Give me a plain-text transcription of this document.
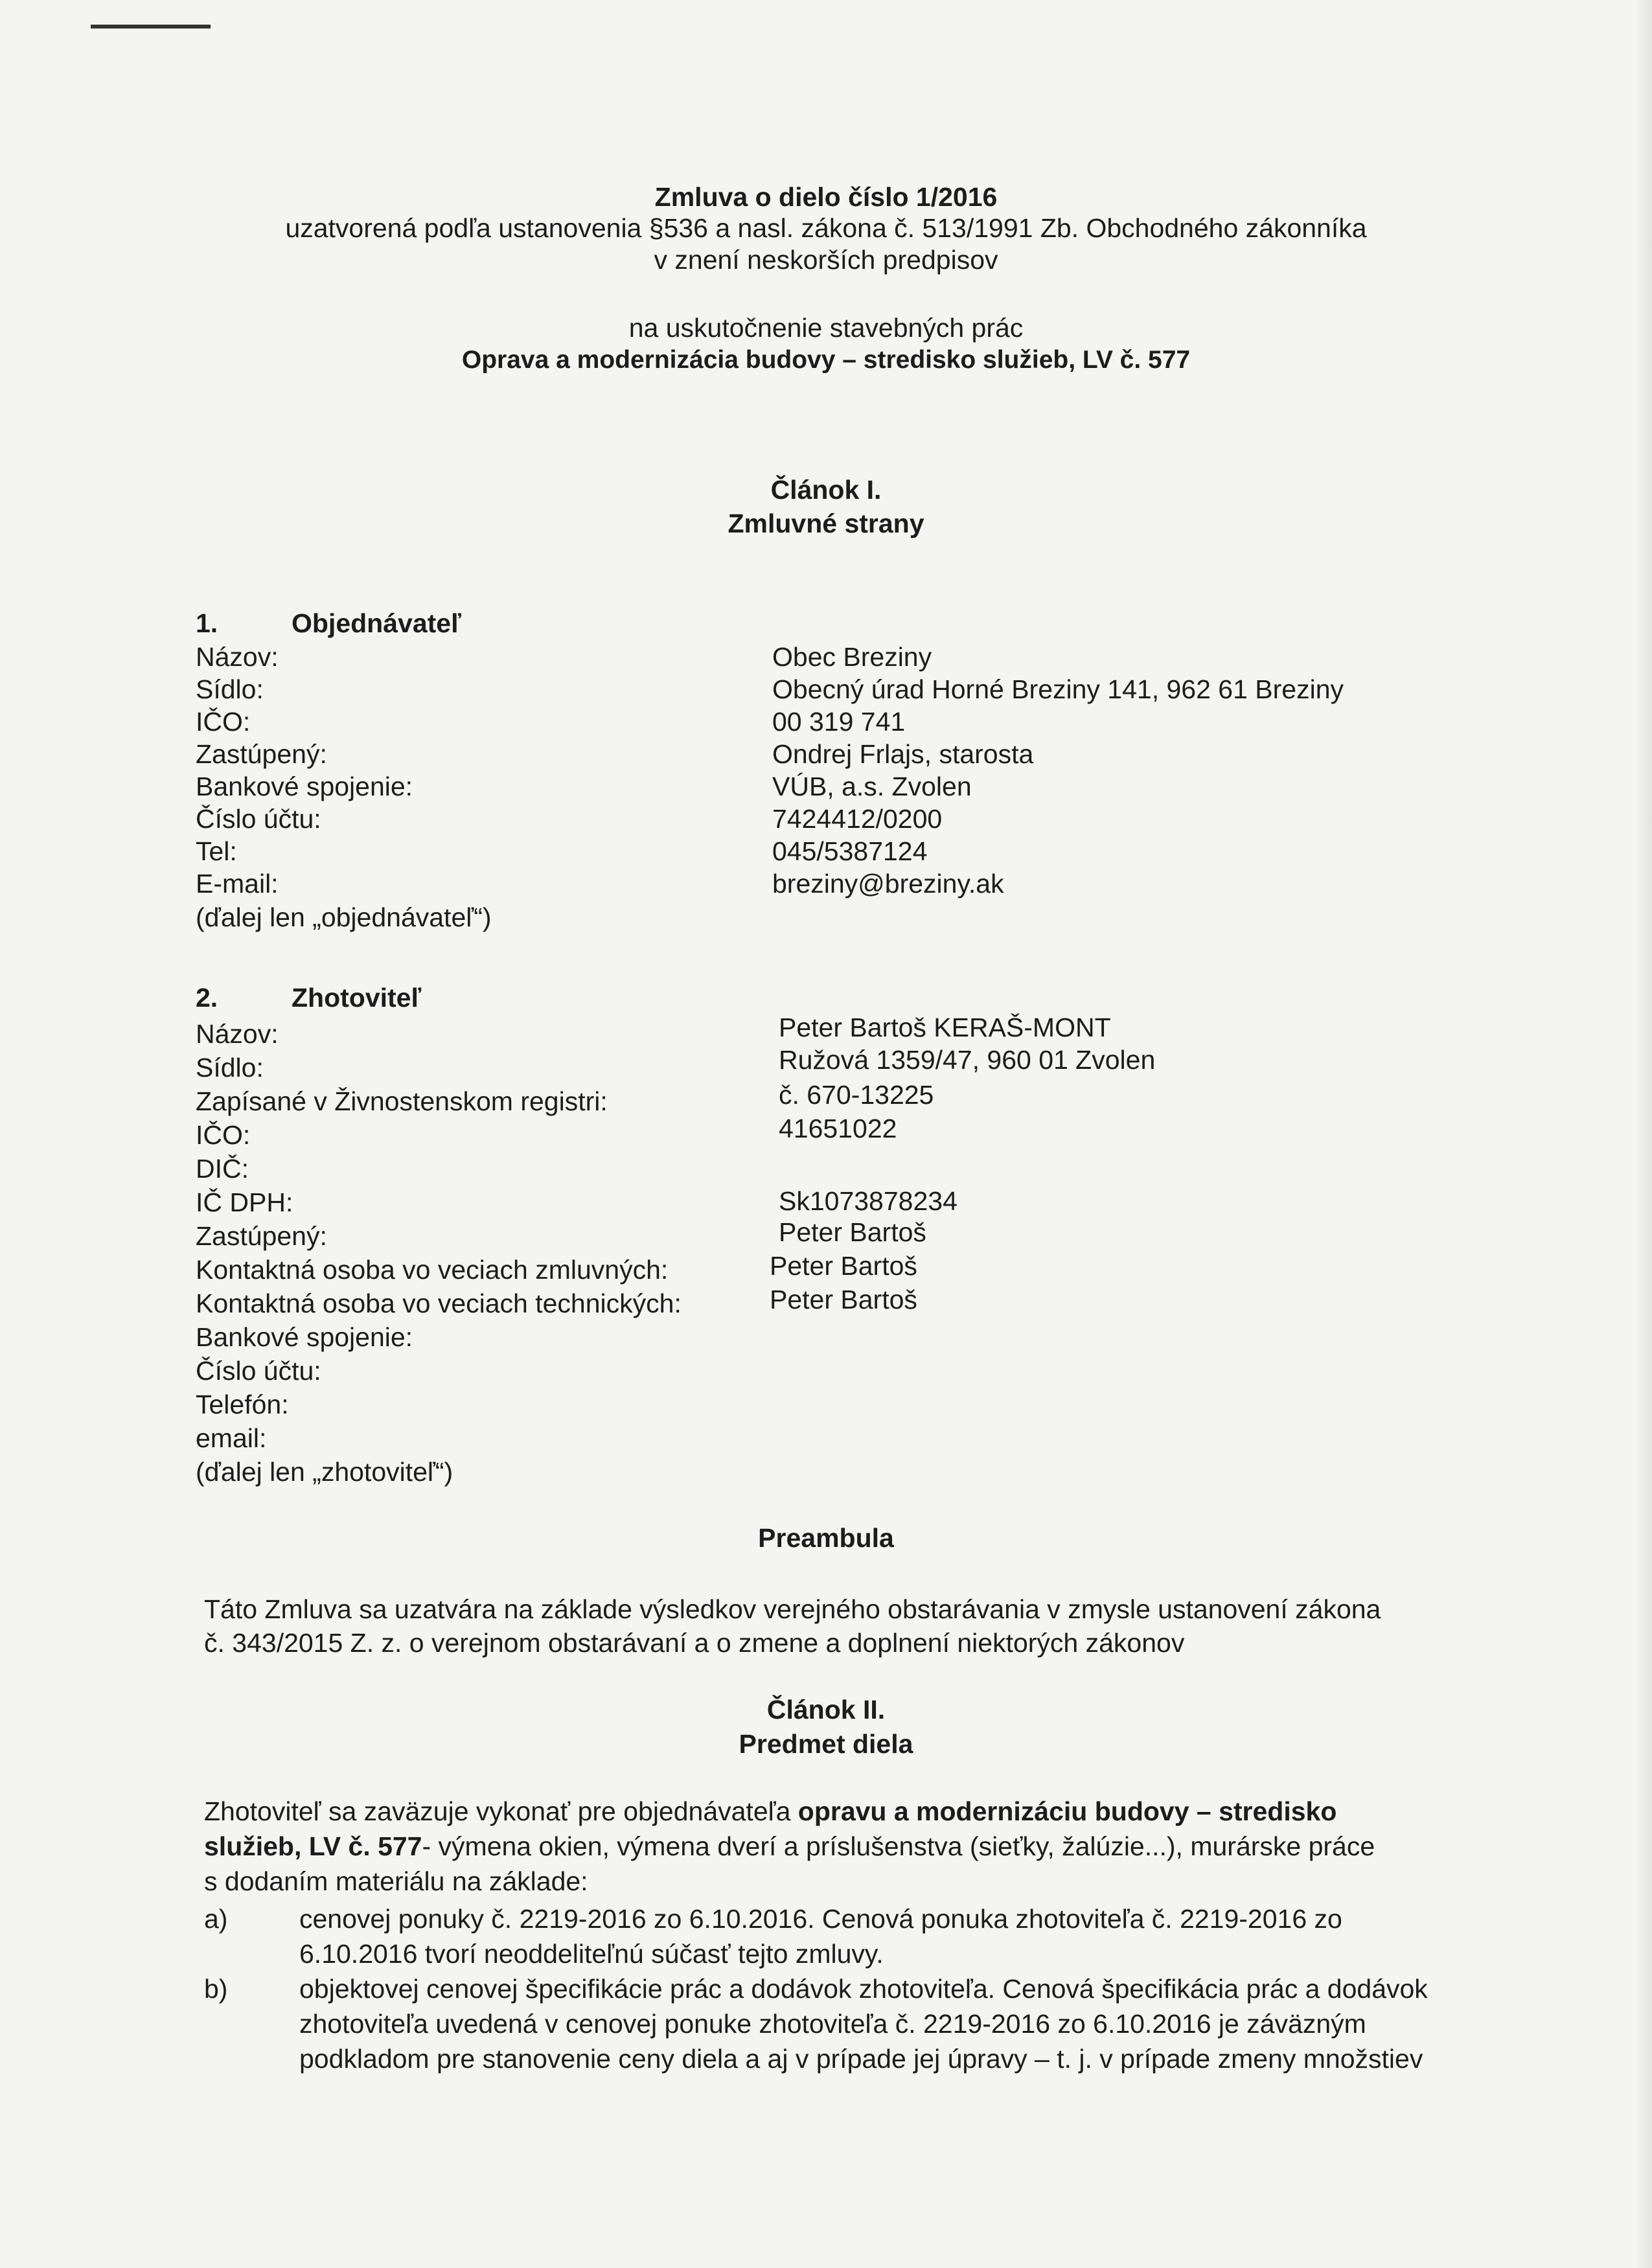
Zmluva o dielo číslo 1/2016
uzatvorená podľa ustanovenia §536 a nasl. zákona č. 513/1991 Zb. Obchodného zákonníka
v znení neskorších predpisov
na uskutočnenie stavebných prác
Oprava a modernizácia budovy – stredisko služieb, LV č. 577
Článok I.
Zmluvné strany
1.	Objednávateľ
Názov:	Obec Breziny
Sídlo:	Obecný úrad Horné Breziny 141, 962 61 Breziny
IČO:	00 319 741
Zastúpený:	Ondrej Frlajs, starosta
Bankové spojenie:	VÚB, a.s. Zvolen
Číslo účtu:	7424412/0200
Tel:	045/5387124
E-mail:	breziny@breziny.ak
(ďalej len „objednávateľ“)
2.	Zhotoviteľ
Názov:	Peter Bartoš KERAŠ-MONT
Sídlo:	Ružová 1359/47, 960 01 Zvolen
Zapísané v Živnostenskom registri:	č. 670-13225
IČO:	41651022
DIČ:
IČ DPH:	Sk1073878234
Zastúpený:	Peter Bartoš
Kontaktná osoba vo veciach zmluvných:	Peter Bartoš
Kontaktná osoba vo veciach technických:	Peter Bartoš
Bankové spojenie:
Číslo účtu:
Telefón:
email:
(ďalej len „zhotoviteľ“)
Preambula
Táto Zmluva sa uzatvára na základe výsledkov verejného obstarávania v zmysle ustanovení zákona
č. 343/2015 Z. z. o verejnom obstarávaní a o zmene a doplnení niektorých zákonov
Článok II.
Predmet diela
Zhotoviteľ sa zaväzuje vykonať pre objednávateľa opravu a modernizáciu budovy – stredisko
služieb, LV č. 577- výmena okien, výmena dverí a príslušenstva (sieťky, žalúzie...), murárske práce
s dodaním materiálu na základe:
a)	cenovej ponuky č. 2219-2016 zo 6.10.2016. Cenová ponuka zhotoviteľa č. 2219-2016 zo
6.10.2016 tvorí neoddeliteľnú súčasť tejto zmluvy.
b)	objektovej cenovej špecifikácie prác a dodávok zhotoviteľa. Cenová špecifikácia prác a dodávok
zhotoviteľa uvedená v cenovej ponuke zhotoviteľa č. 2219-2016 zo 6.10.2016 je záväzným
podkladom pre stanovenie ceny diela a aj v prípade jej úpravy – t. j. v prípade zmeny množstiev
